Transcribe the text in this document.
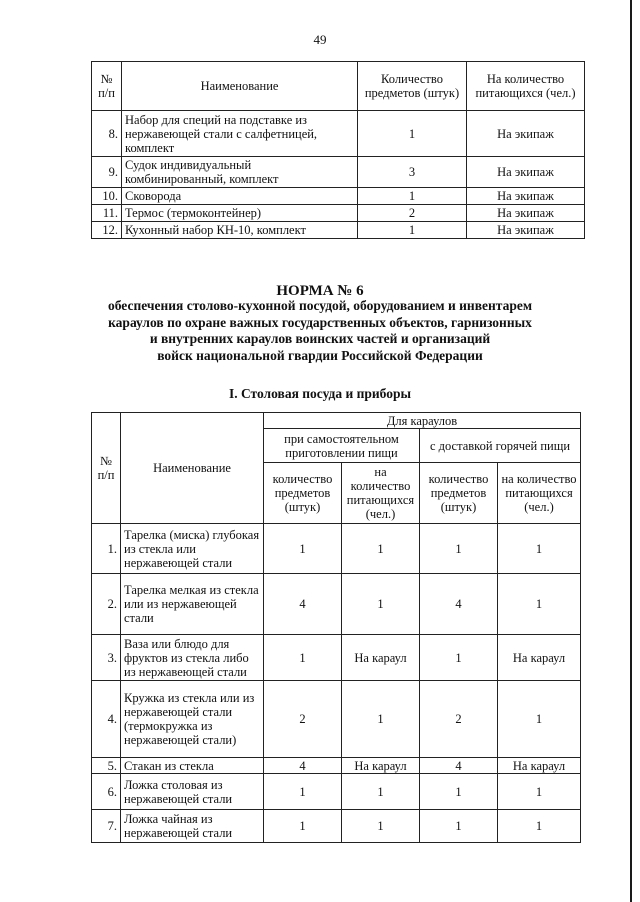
49
№ п/п	Наименование	Количество предметов (штук)	На количество питающихся (чел.)
8.	Набор для специй на подставке из нержавеющей стали с салфетницей, комплект	1	На экипаж
9.	Судок индивидуальный комбинированный, комплект	3	На экипаж
10.	Сковорода	1	На экипаж
11.	Термос (термоконтейнер)	2	На экипаж
12.	Кухонный набор КН-10, комплект	1	На экипаж
НОРМА № 6
обеспечения столово-кухонной посудой, оборудованием и инвентарем
караулов по охране важных государственных объектов, гарнизонных
и внутренних караулов воинских частей и организаций
войск национальной гвардии Российской Федерации
I. Столовая посуда и приборы
№ п/п	Наименование	Для караулов			
		при самостоятельном приготовлении пищи		с доставкой горячей пищи	
		количество предметов (штук)	на количество питающихся (чел.)	количество предметов (штук)	на количество питающихся (чел.)
1.	Тарелка (миска) глубокая из стекла или нержавеющей стали	1	1	1	1
2.	Тарелка мелкая из стекла или из нержавеющей стали	4	1	4	1
3.	Ваза или блюдо для фруктов из стекла либо из нержавеющей стали	1	На караул	1	На караул
4.	Кружка из стекла или из нержавеющей стали (термокружка из нержавеющей стали)	2	1	2	1
5.	Стакан из стекла	4	На караул	4	На караул
6.	Ложка столовая из нержавеющей стали	1	1	1	1
7.	Ложка чайная из нержавеющей стали	1	1	1	1
